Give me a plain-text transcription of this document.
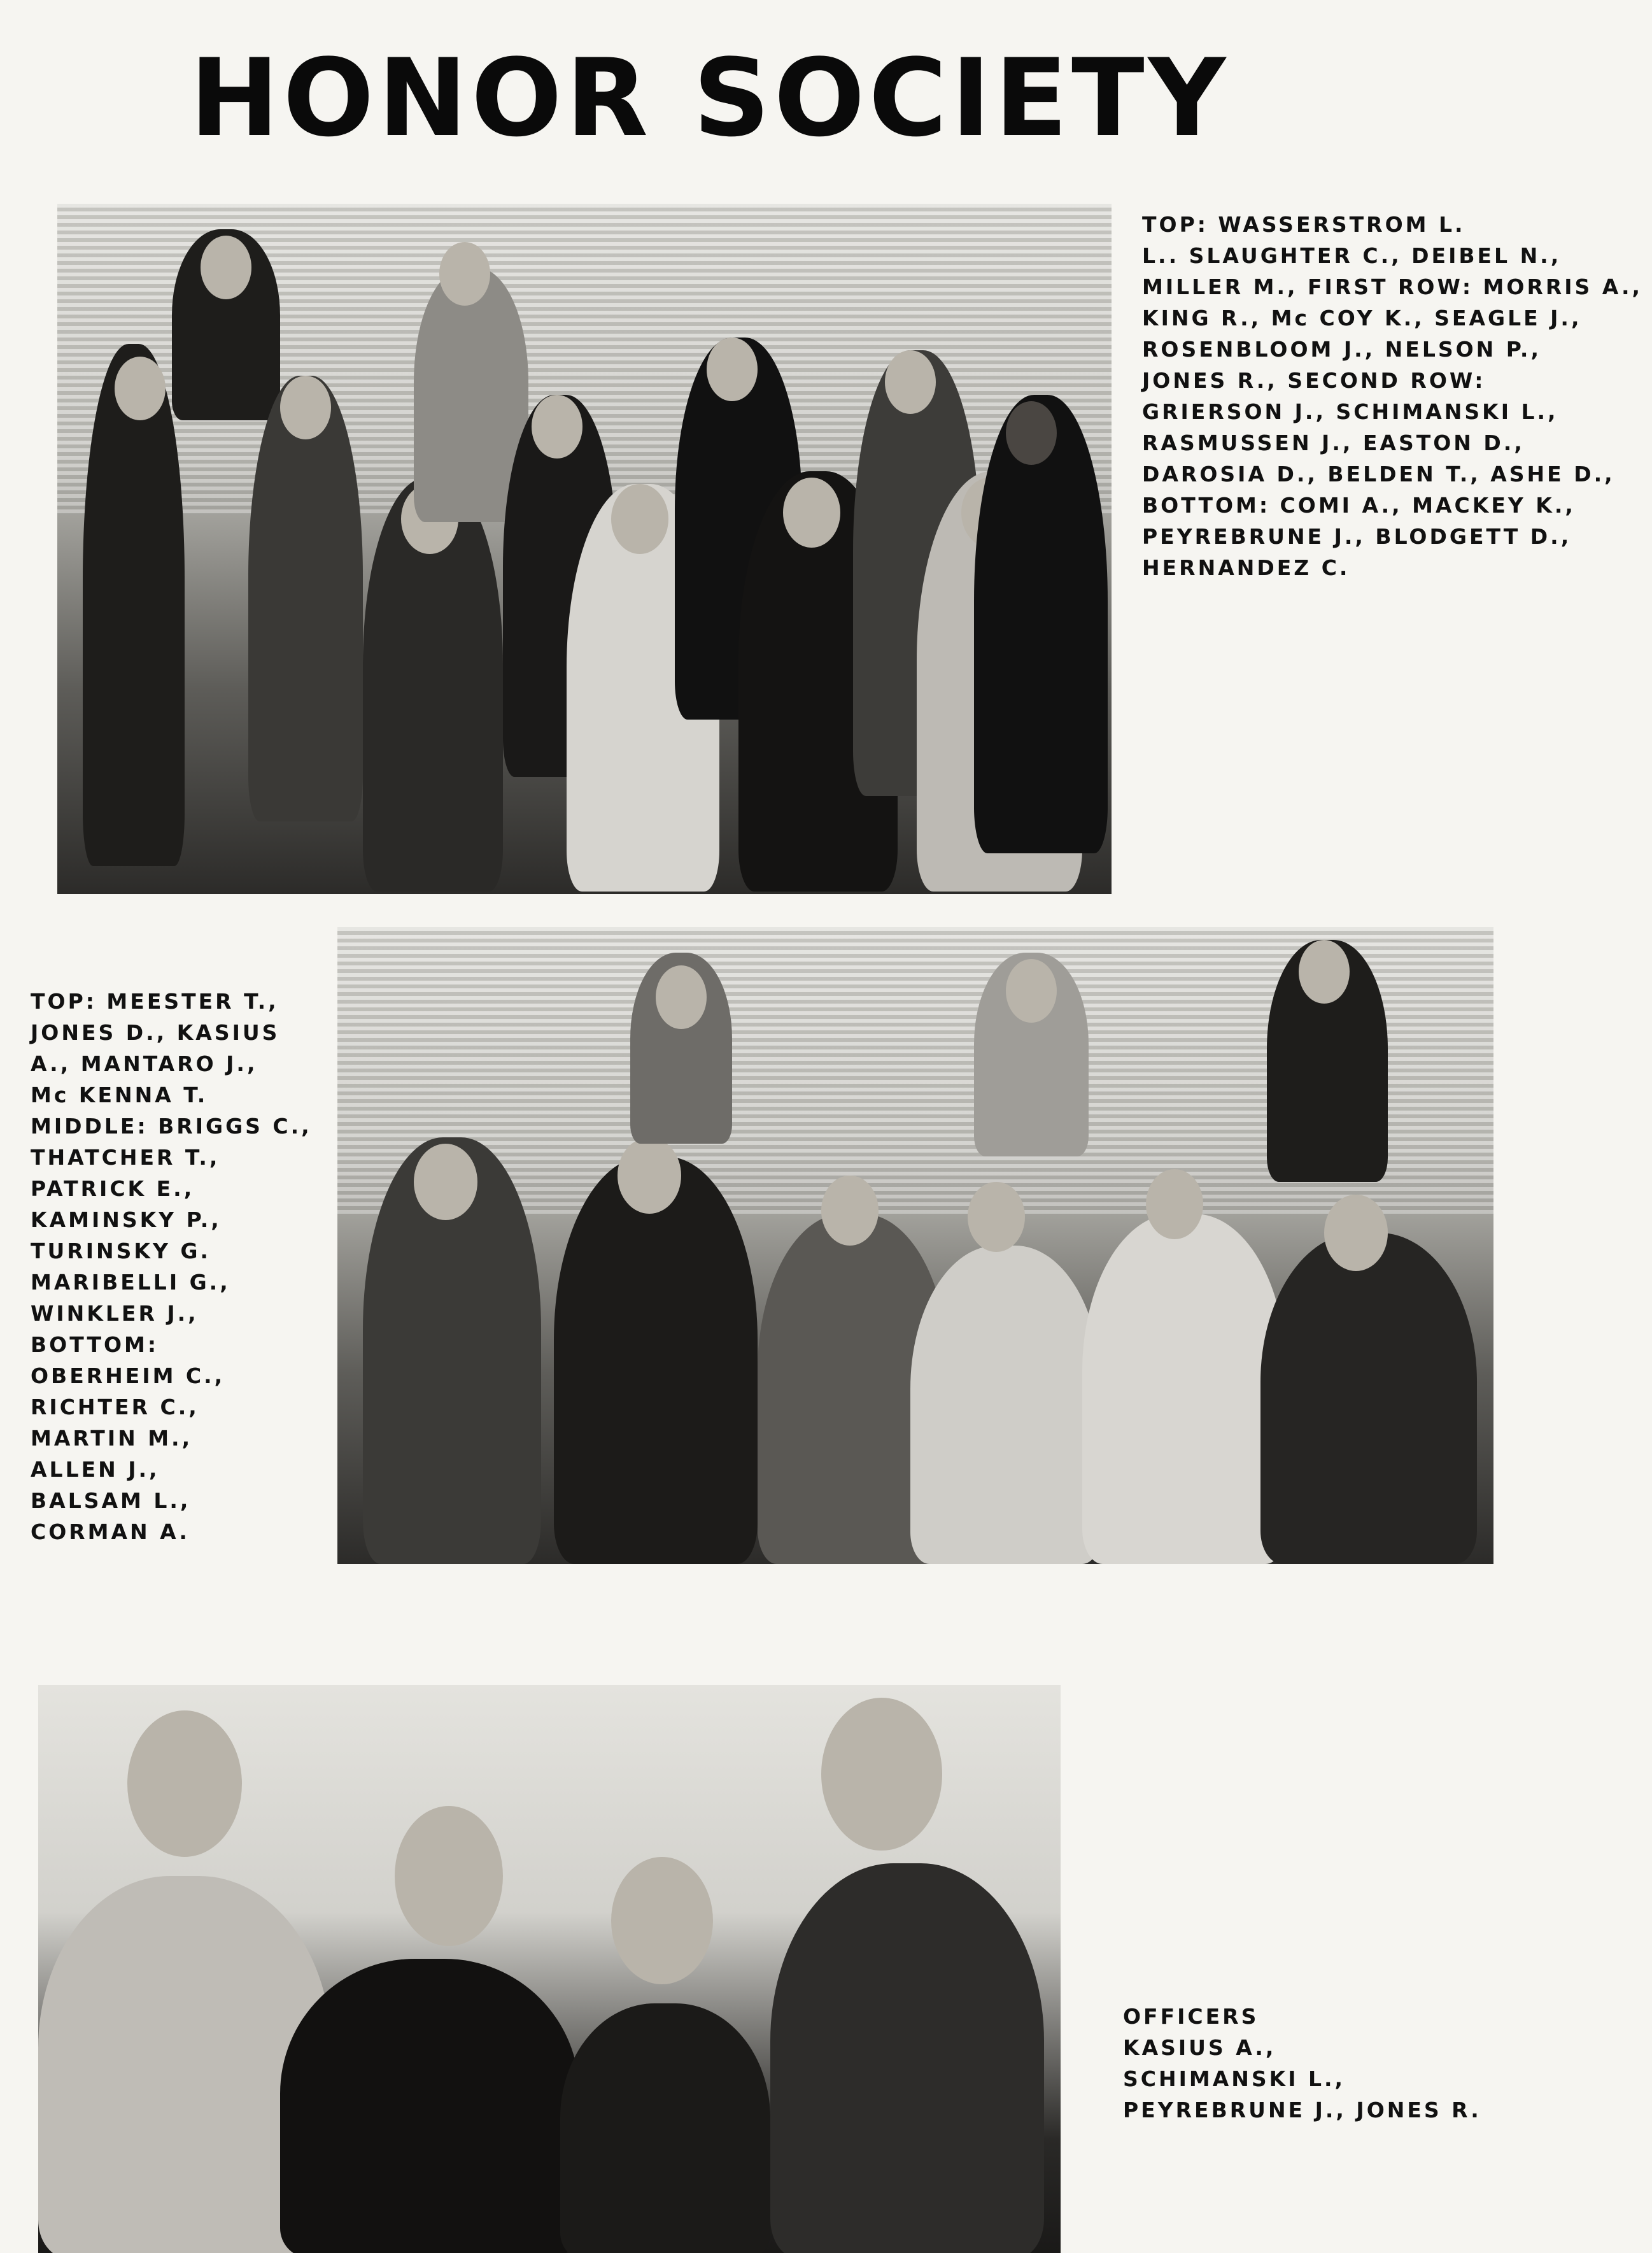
HONOR SOCIETY
TOP: WASSERSTROM L.
L.. SLAUGHTER C., DEIBEL N.,
MILLER M., FIRST ROW: MORRIS A.,
KING R., Mc COY K., SEAGLE J.,
ROSENBLOOM J., NELSON P.,
JONES R., SECOND ROW:
GRIERSON J., SCHIMANSKI L.,
RASMUSSEN J., EASTON D.,
DAROSIA D., BELDEN T., ASHE D.,
BOTTOM: COMI A., MACKEY K.,
PEYREBRUNE J., BLODGETT D.,
HERNANDEZ C.
TOP: MEESTER T.,
JONES D., KASIUS
A., MANTARO J.,
Mc KENNA T.
MIDDLE: BRIGGS C.,
THATCHER T.,
PATRICK E.,
KAMINSKY P.,
TURINSKY G.
MARIBELLI G.,
WINKLER J.,
BOTTOM:
OBERHEIM C.,
RICHTER C.,
MARTIN M.,
ALLEN J.,
BALSAM L.,
CORMAN A.
OFFICERS
KASIUS A.,
SCHIMANSKI L.,
PEYREBRUNE J., JONES R.
